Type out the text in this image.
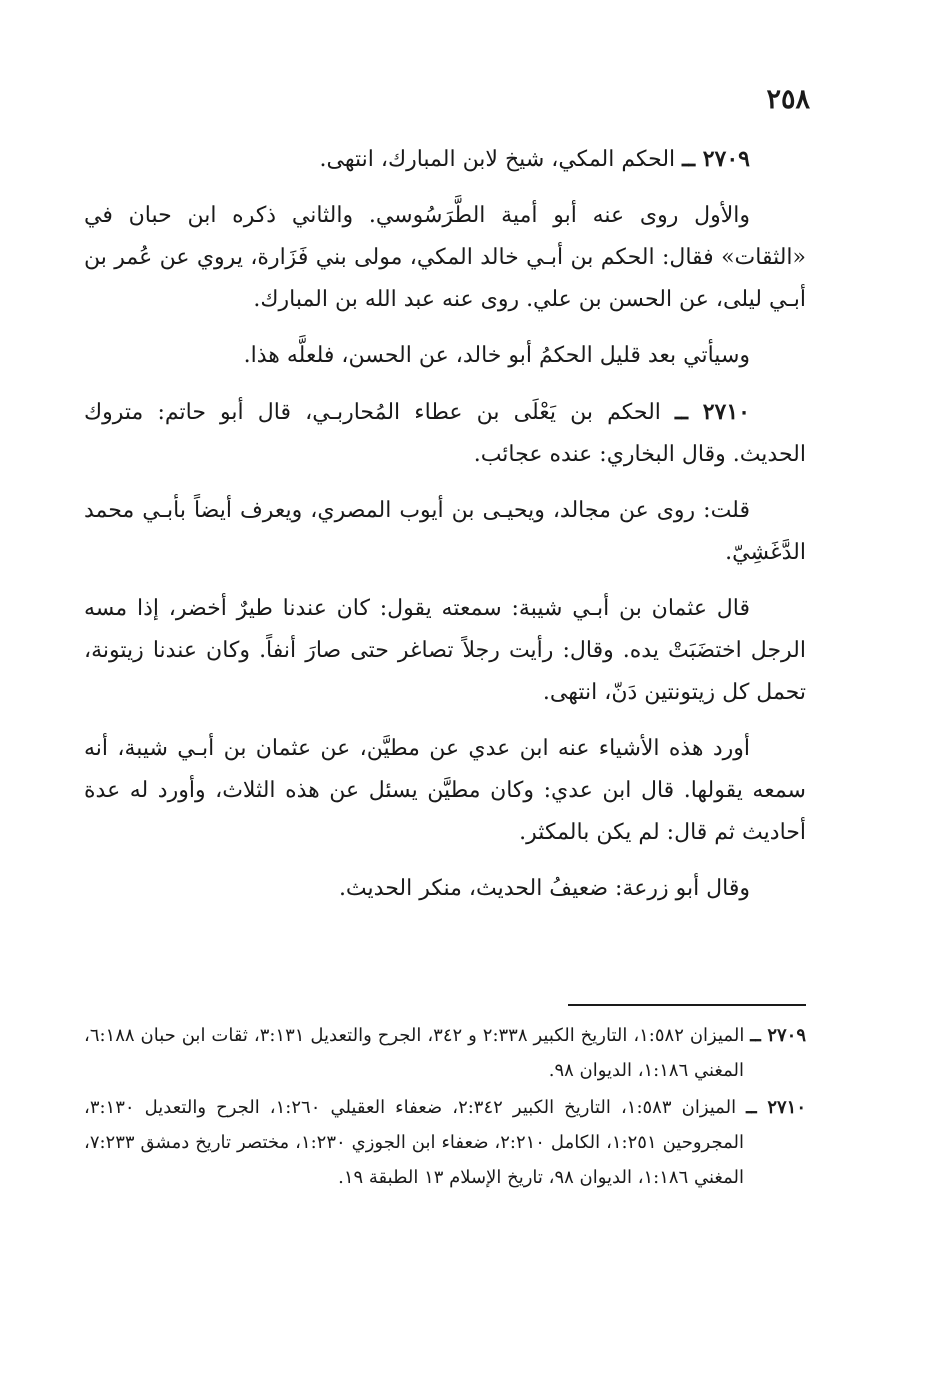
٢٥٨

٢٧٠٩ ــ الحكم المكي، شيخ لابن المبارك، انتهى.

والأول روى عنه أبو أمية الطَّرَسُوسي. والثاني ذكره ابن حبان في «الثقات» فقال: الحكم بن أبـي خالد المكي، مولى بني فَزَارة، يروي عن عُمر بن أبـي ليلى، عن الحسن بن علي. روى عنه عبد الله بن المبارك.

وسيأتي بعد قليل الحكمُ أبو خالد، عن الحسن، فلعلَّه هذا.

٢٧١٠ ــ الحكم بن يَعْلَى بن عطاء المُحاربـي، قال أبو حاتم: متروك الحديث. وقال البخاري: عنده عجائب.

قلت: روى عن مجالد، ويحيـى بن أيوب المصري، ويعرف أيضاً بأبـي محمد الدَّغَشِيّ.

قال عثمان بن أبـي شيبة: سمعته يقول: كان عندنا طيرٌ أخضر، إذا مسه الرجل اختضَبَتْ يده. وقال: رأيت رجلاً تصاغر حتى صارَ أنفاً. وكان عندنا زيتونة، تحمل كل زيتونتين دَنّ، انتهى.

أورد هذه الأشياء عنه ابن عدي عن مطيَّن، عن عثمان بن أبـي شيبة، أنه سمعه يقولها. قال ابن عدي: وكان مطيَّن يسئل عن هذه الثلاث، وأورد له عدة أحاديث ثم قال: لم يكن بالمكثر.

وقال أبو زرعة: ضعيفُ الحديث، منكر الحديث.

٢٧٠٩ ــ الميزان ١:٥٨٢، التاريخ الكبير ٢:٣٣٨ و ٣٤٢، الجرح والتعديل ٣:١٣١، ثقات ابن حبان ٦:١٨٨، المغني ١:١٨٦، الديوان ٩٨.

٢٧١٠ ــ الميزان ١:٥٨٣، التاريخ الكبير ٢:٣٤٢، ضعفاء العقيلي ١:٢٦٠، الجرح والتعديل ٣:١٣٠، المجروحين ١:٢٥١، الكامل ٢:٢١٠، ضعفاء ابن الجوزي ١:٢٣٠، مختصر تاريخ دمشق ٧:٢٣٣، المغني ١:١٨٦، الديوان ٩٨، تاريخ الإسلام ١٣ الطبقة ١٩.
